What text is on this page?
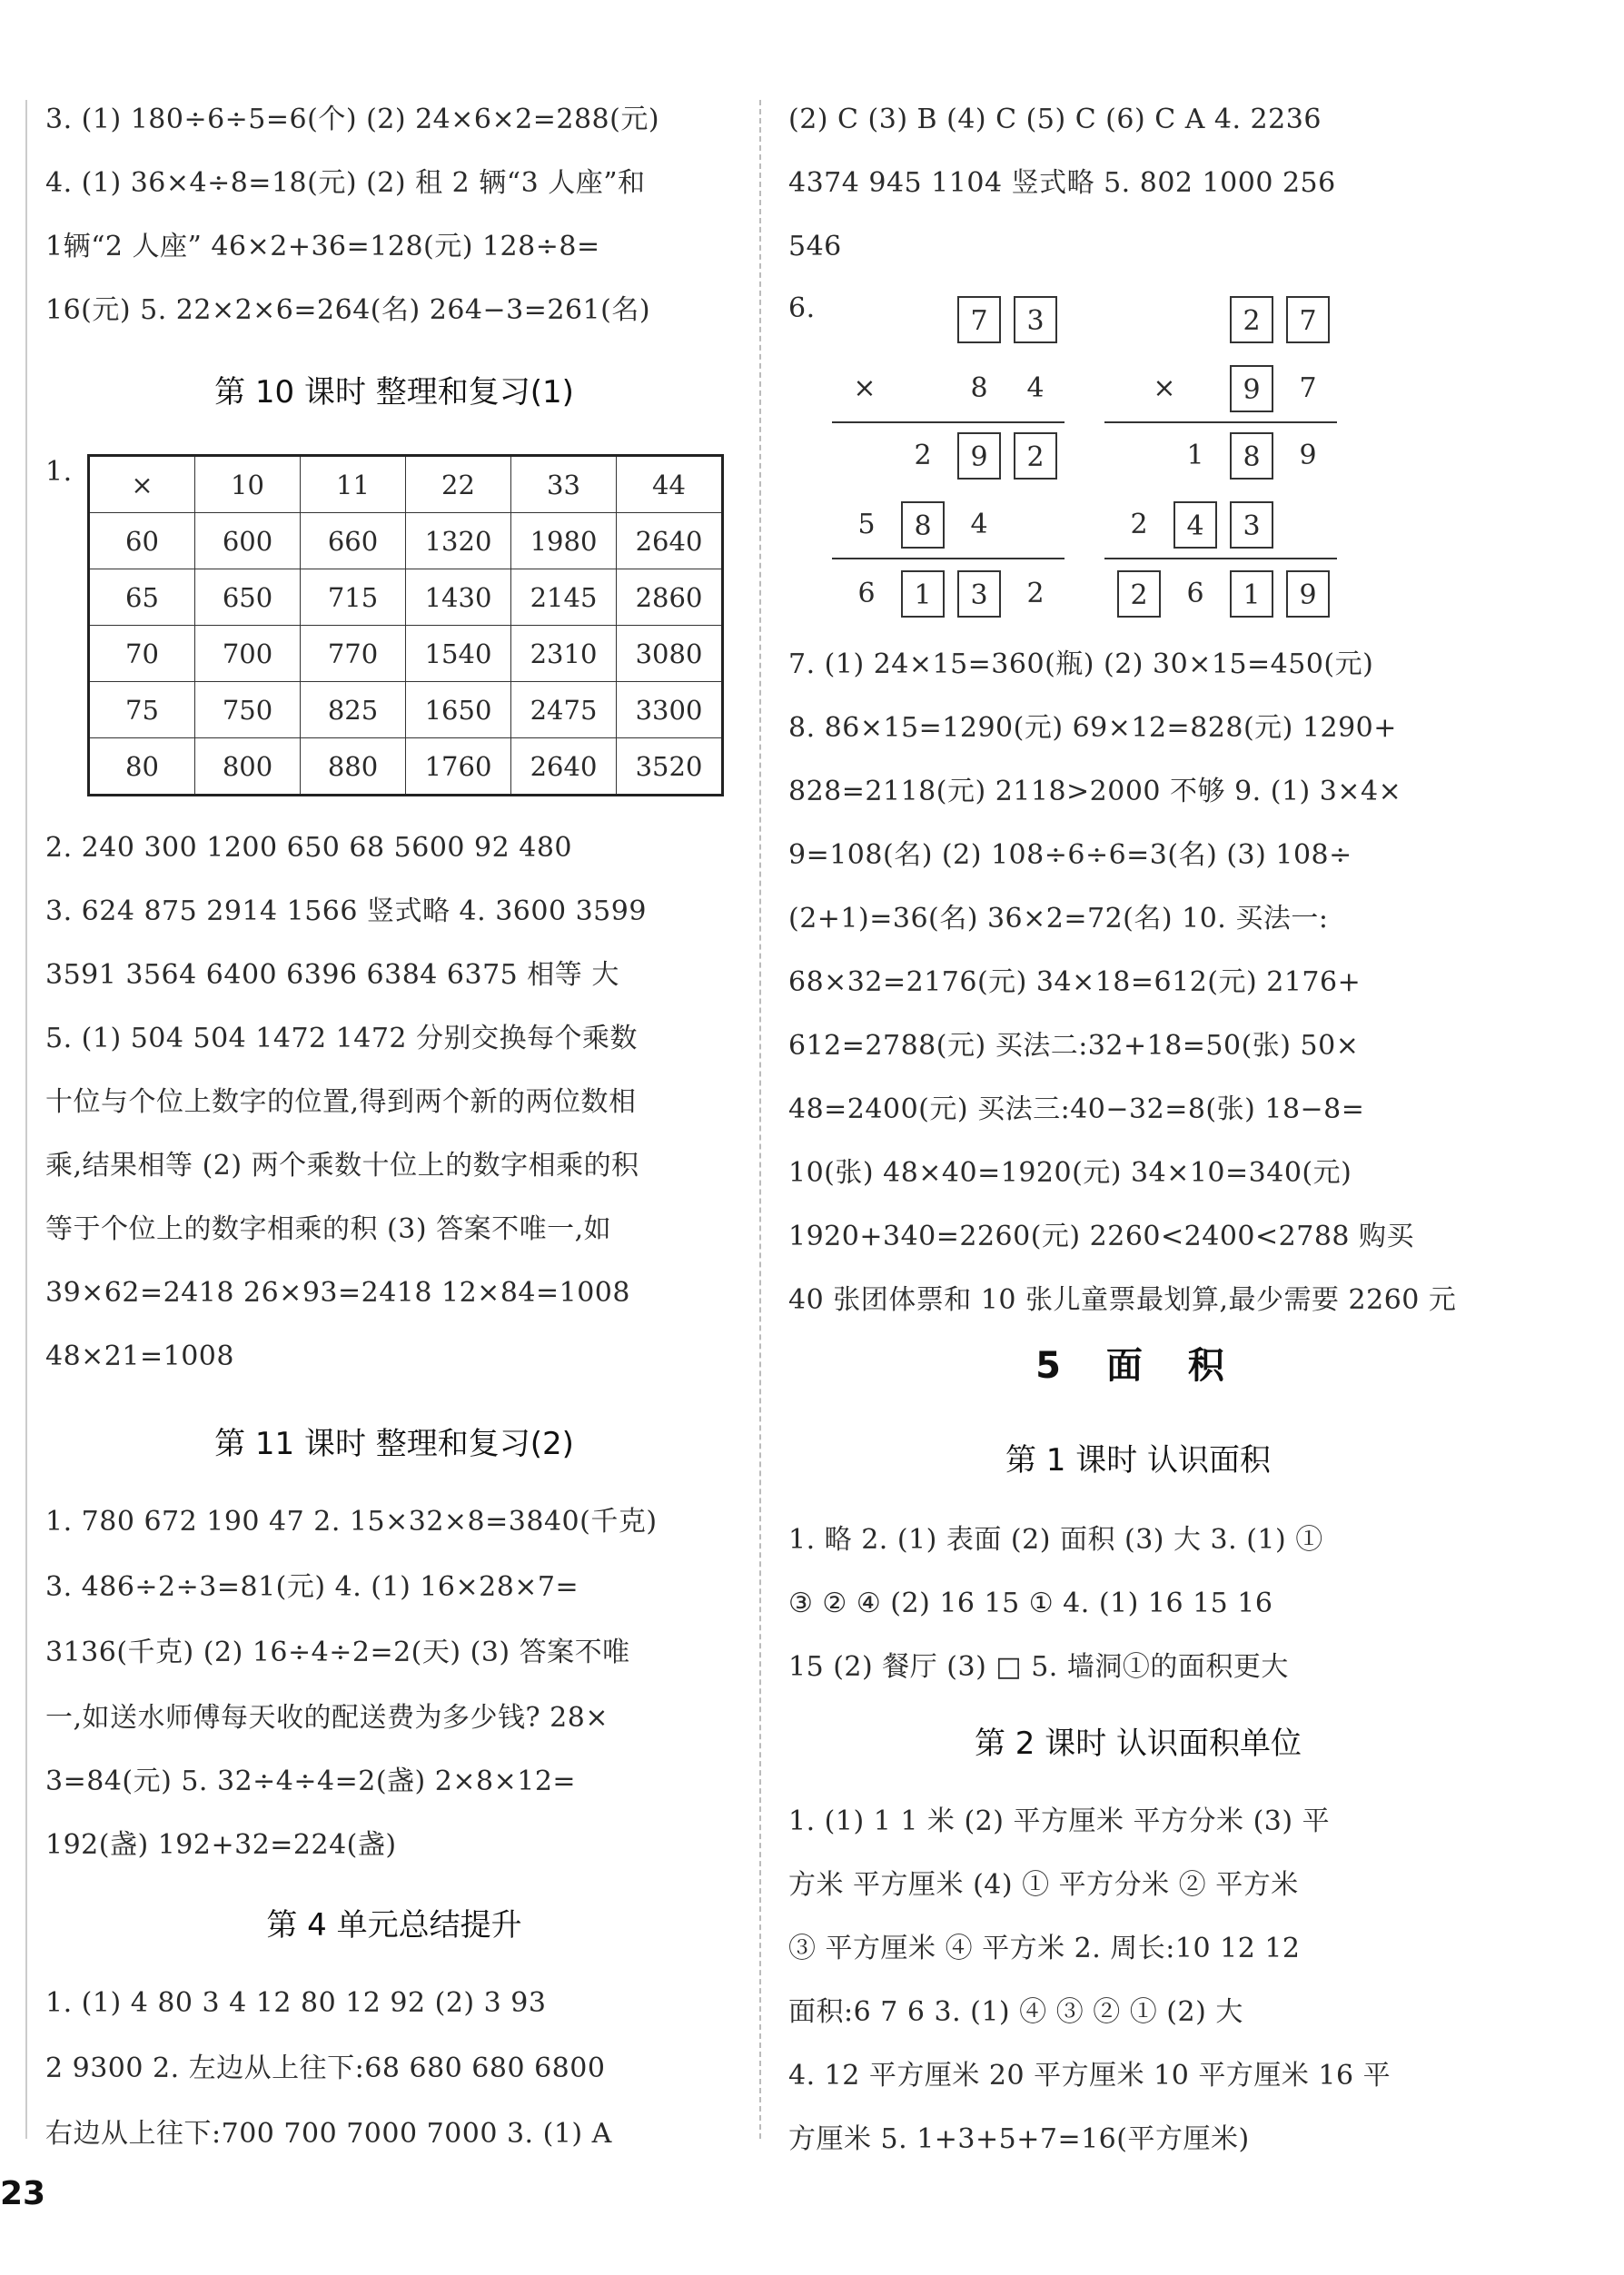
3. (1) 180÷6÷5=6(个) (2) 24×6×2=288(元)
4. (1) 36×4÷8=18(元) (2) 租 2 辆“3 人座”和
1辆“2 人座” 46×2+36=128(元) 128÷8=
16(元) 5. 22×2×6=264(名) 264−3=261(名)
第 10 课时 整理和复习(1)
1. ×	10	11	22	33	44
60	600	660	1320	1980	2640
65	650	715	1430	2145	2860
70	700	770	1540	2310	3080
75	750	825	1650	2475	3300
80	800	880	1760	2640	3520
2. 240 300 1200 650 68 5600 92 480
3. 624 875 2914 1566 竖式略 4. 3600 3599
3591 3564 6400 6396 6384 6375 相等 大
5. (1) 504 504 1472 1472 分别交换每个乘数
十位与个位上数字的位置,得到两个新的两位数相
乘,结果相等 (2) 两个乘数十位上的数字相乘的积
等于个位上的数字相乘的积 (3) 答案不唯一,如
39×62=2418 26×93=2418 12×84=1008
48×21=1008
第 11 课时 整理和复习(2)
1. 780 672 190 47 2. 15×32×8=3840(千克)
3. 486÷2÷3=81(元) 4. (1) 16×28×7=
3136(千克) (2) 16÷4÷2=2(天) (3) 答案不唯
一,如送水师傅每天收的配送费为多少钱? 28×
3=84(元) 5. 32÷4÷4=2(盏) 2×8×12=
192(盏) 192+32=224(盏)
第 4 单元总结提升
1. (1) 4 80 3 4 12 80 12 92 (2) 3 93
2 9300 2. 左边从上往下:68 680 680 6800
右边从上往下:700 700 7000 7000 3. (1) A
(2) C (3) B (4) C (5) C (6) C A 4. 2236
4374 945 1104 竖式略 5. 802 1000 256
546
6.	7	3
×	8	4
2	9	2
5	8	4
6	1	3	2
2	7
×	9	7
1	8	9
2	4	3
2	6	1	9
7. (1) 24×15=360(瓶) (2) 30×15=450(元)
8. 86×15=1290(元) 69×12=828(元) 1290+
828=2118(元) 2118>2000 不够 9. (1) 3×4×
9=108(名) (2) 108÷6÷6=3(名) (3) 108÷
(2+1)=36(名) 36×2=72(名) 10. 买法一:
68×32=2176(元) 34×18=612(元) 2176+
612=2788(元) 买法二:32+18=50(张) 50×
48=2400(元) 买法三:40−32=8(张) 18−8=
10(张) 48×40=1920(元) 34×10=340(元)
1920+340=2260(元) 2260<2400<2788 购买
40 张团体票和 10 张儿童票最划算,最少需要 2260 元
5 面 积
第 1 课时 认识面积
1. 略 2. (1) 表面 (2) 面积 (3) 大 3. (1) ①
③ ② ④ (2) 16 15 ① 4. (1) 16 15 16
15 (2) 餐厅 (3) □ 5. 墙洞①的面积更大
第 2 课时 认识面积单位
1. (1) 1 1 米 (2) 平方厘米 平方分米 (3) 平
方米 平方厘米 (4) ① 平方分米 ② 平方米
③ 平方厘米 ④ 平方米 2. 周长:10 12 12
面积:6 7 6 3. (1) ④ ③ ② ① (2) 大
4. 12 平方厘米 20 平方厘米 10 平方厘米 16 平
方厘米 5. 1+3+5+7=16(平方厘米)
23
